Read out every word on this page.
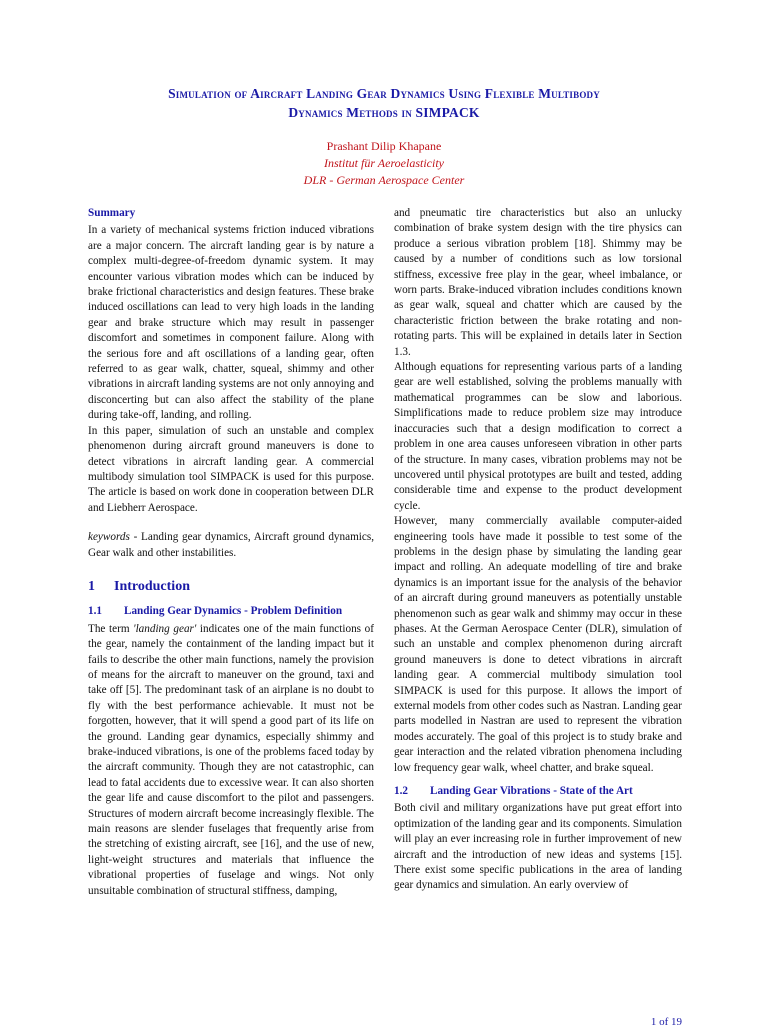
Simulation of Aircraft Landing Gear Dynamics Using Flexible Multibody
Dynamics Methods in SIMPACK
Prashant Dilip Khapane
Institut für Aeroelasticity
DLR - German Aerospace Center
Summary

In a variety of mechanical systems friction induced vibrations are a major concern. The aircraft landing gear is by nature a complex multi-degree-of-freedom dynamic system. It may encounter various vibration modes which can be induced by brake frictional characteristics and design features. These brake induced oscillations can lead to very high loads in the landing gear and brake structure which may result in passenger discomfort and sometimes in component failure. Along with the serious fore and aft oscillations of a landing gear, often referred to as gear walk, chatter, squeal, shimmy and other vibrations in aircraft landing systems are not only annoying and disconcerting but can also affect the stability of the plane during take-off, landing, and rolling.

In this paper, simulation of such an unstable and complex phenomenon during aircraft ground maneuvers is done to detect vibrations in aircraft landing gear. A commercial multibody simulation tool SIMPACK is used for this purpose. The article is based on work done in cooperation between DLR and Liebherr Aerospace.

keywords - Landing gear dynamics, Aircraft ground dynamics, Gear walk and other instabilities.

1 Introduction
1.1 Landing Gear Dynamics - Problem Definition

The term 'landing gear' indicates one of the main functions of the gear, namely the containment of the landing impact but it fails to describe the other main functions, namely the provision of means for the aircraft to maneuver on the ground, taxi and take off [5]. The predominant task of an airplane is no doubt to fly with the best performance achievable. It must not be forgotten, however, that it will spend a good part of its life on the ground. Landing gear dynamics, especially shimmy and brake-induced vibrations, is one of the problems faced today by the aircraft community. Though they are not catastrophic, can lead to fatal accidents due to excessive wear. It can also shorten the gear life and cause discomfort to the pilot and passengers. Structures of modern aircraft become increasingly flexible. The main reasons are slender fuselages that frequently arise from the stretching of existing aircraft, see [16], and the use of new, light-weight structures and materials that influence the vibrational properties of fuselage and wings. Not only unsuitable combination of structural stiffness, damping,

and pneumatic tire characteristics but also an unlucky combination of brake system design with the tire physics can produce a serious vibration problem [18]. Shimmy may be caused by a number of conditions such as low torsional stiffness, excessive free play in the gear, wheel imbalance, or worn parts. Brake-induced vibration includes conditions known as gear walk, squeal and chatter which are caused by the characteristic friction between the brake rotating and non-rotating parts. This will be explained in details later in Section 1.3.

Although equations for representing various parts of a landing gear are well established, solving the problems manually with mathematical programmes can be slow and laborious. Simplifications made to reduce problem size may introduce inaccuracies such that a design modification to correct a problem in one area causes unforeseen vibration in other parts of the structure. In many cases, vibration problems may not be uncovered until physical prototypes are built and tested, adding considerable time and expense to the product development cycle.

However, many commercially available computer-aided engineering tools have made it possible to test some of the problems in the design phase by simulating the landing gear impact and rolling. An adequate modelling of tire and brake dynamics is an important issue for the analysis of the behavior of an aircraft during ground maneuvers as potentially unstable phenomenon such as gear walk and shimmy may occur in these phases. At the German Aerospace Center (DLR), simulation of such an unstable and complex phenomenon during aircraft ground maneuvers is done to detect vibrations in aircraft landing gear. A commercial multibody simulation tool SIMPACK is used for this purpose. It allows the import of external models from other codes such as Nastran. Landing gear parts modelled in Nastran are used to represent the vibration modes accurately. The goal of this project is to study brake and gear interaction and the related vibration phenomena including low frequency gear walk, wheel chatter, and brake squeal.

1.2 Landing Gear Vibrations - State of the Art

Both civil and military organizations have put great effort into optimization of the landing gear and its components. Simulation will play an ever increasing role in further improvement of new aircraft and the introduction of new ideas and systems [15]. There exist some specific publications in the area of landing gear dynamics and simulation. An early overview of

1 of 19
